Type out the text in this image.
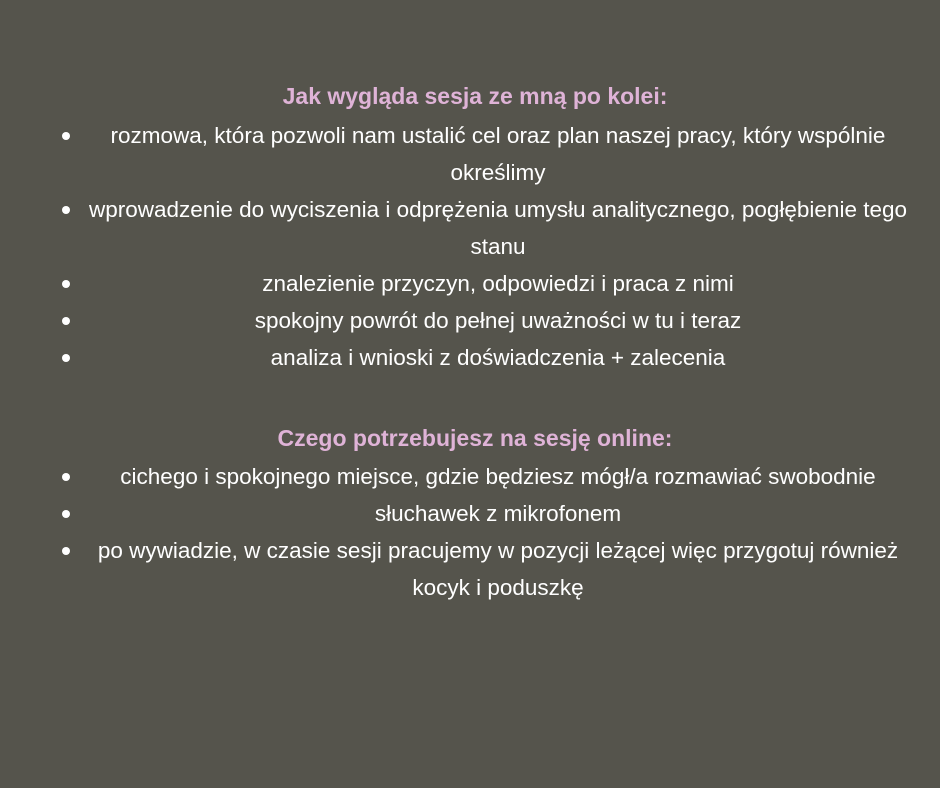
Jak wygląda sesja ze mną po kolei:
rozmowa, która pozwoli nam ustalić cel oraz plan naszej pracy, który wspólnie określimy
wprowadzenie do wyciszenia i odprężenia umysłu analitycznego, pogłębienie tego stanu
znalezienie przyczyn, odpowiedzi i praca z nimi
spokojny powrót do pełnej uważności w tu i teraz
analiza i wnioski z doświadczenia + zalecenia
Czego potrzebujesz na sesję online:
cichego i spokojnego miejsce, gdzie będziesz mógł/a rozmawiać swobodnie
słuchawek z mikrofonem
po wywiadzie, w czasie sesji pracujemy w pozycji leżącej więc przygotuj również kocyk i poduszkę
